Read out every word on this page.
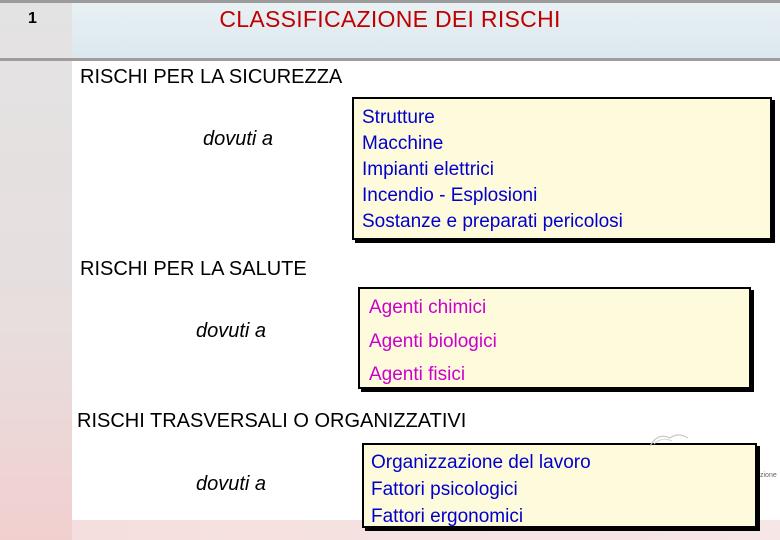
1	CLASSIFICAZIONE DEI RISCHI
RISCHI PER LA SICUREZZA
dovuti a
Strutture
Macchine
Impianti elettrici
Incendio - Esplosioni
Sostanze e preparati pericolosi
RISCHI PER LA SALUTE
dovuti a
Agenti chimici
Agenti biologici
Agenti fisici
RISCHI TRASVERSALI O ORGANIZZATIVI
dovuti a
Organizzazione del lavoro
Fattori psicologici
Fattori ergonomici
zione
